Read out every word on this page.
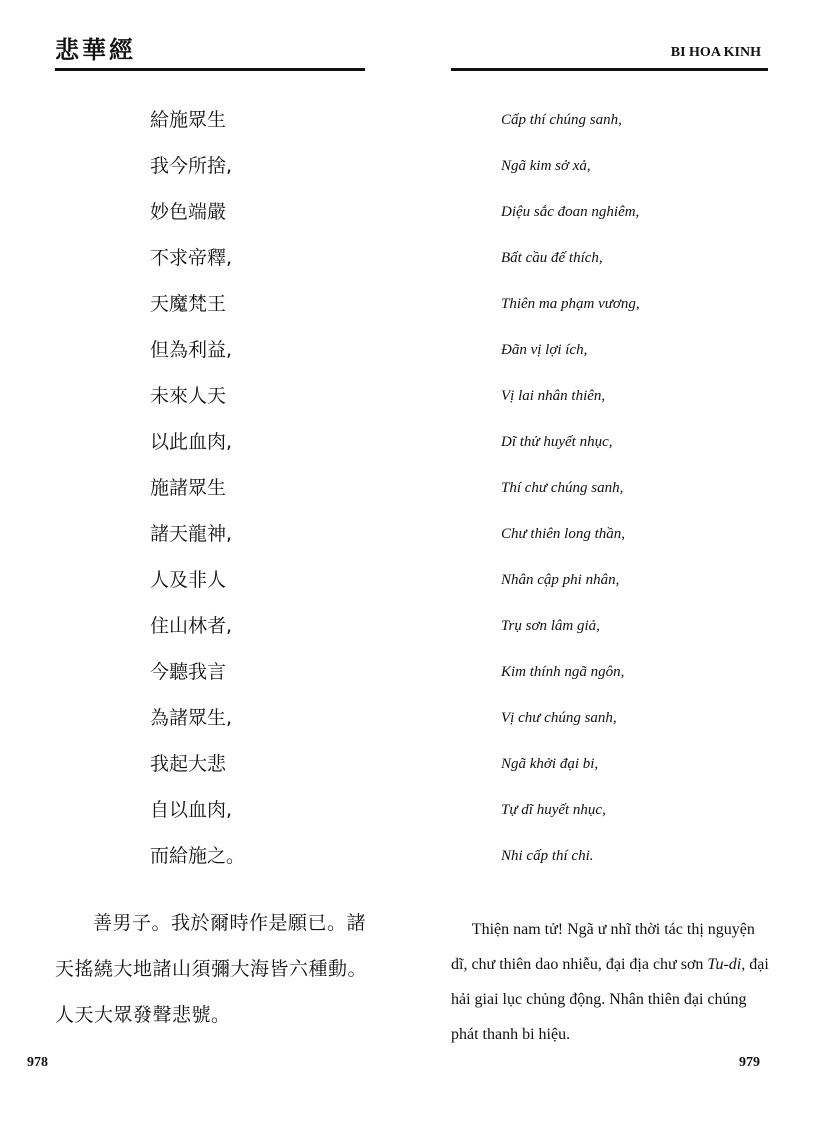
悲華經
給施眾生
我今所捨,
妙色端嚴
不求帝釋,
天魔梵王
但為利益,
未來人天
以此血肉,
施諸眾生
諸天龍神,
人及非人
住山林者,
今聽我言
為諸眾生,
我起大悲
自以血肉,
而給施之。

善男子。我於爾時作是願已。諸天搖繞大地諸山須彌大海皆六種動。人天大眾發聲悲號。

978

BI HOA KINH
Cấp thí chúng sanh,
Ngã kim sở xả,
Diệu sắc đoan nghiêm,
Bất cầu đế thích,
Thiên ma phạm vương,
Đãn vị lợi ích,
Vị lai nhân thiên,
Dĩ thử huyết nhục,
Thí chư chúng sanh,
Chư thiên long thần,
Nhân cập phi nhân,
Trụ sơn lâm giả,
Kim thính ngã ngôn,
Vị chư chúng sanh,
Ngã khởi đại bi,
Tự dĩ huyết nhục,
Nhi cấp thí chi.

Thiện nam tử! Ngã ư nhĩ thời tác thị nguyện dĩ, chư thiên dao nhiễu, đại địa chư sơn Tu-di, đại hải giai lục chủng động. Nhân thiên đại chúng phát thanh bi hiệu.

979
